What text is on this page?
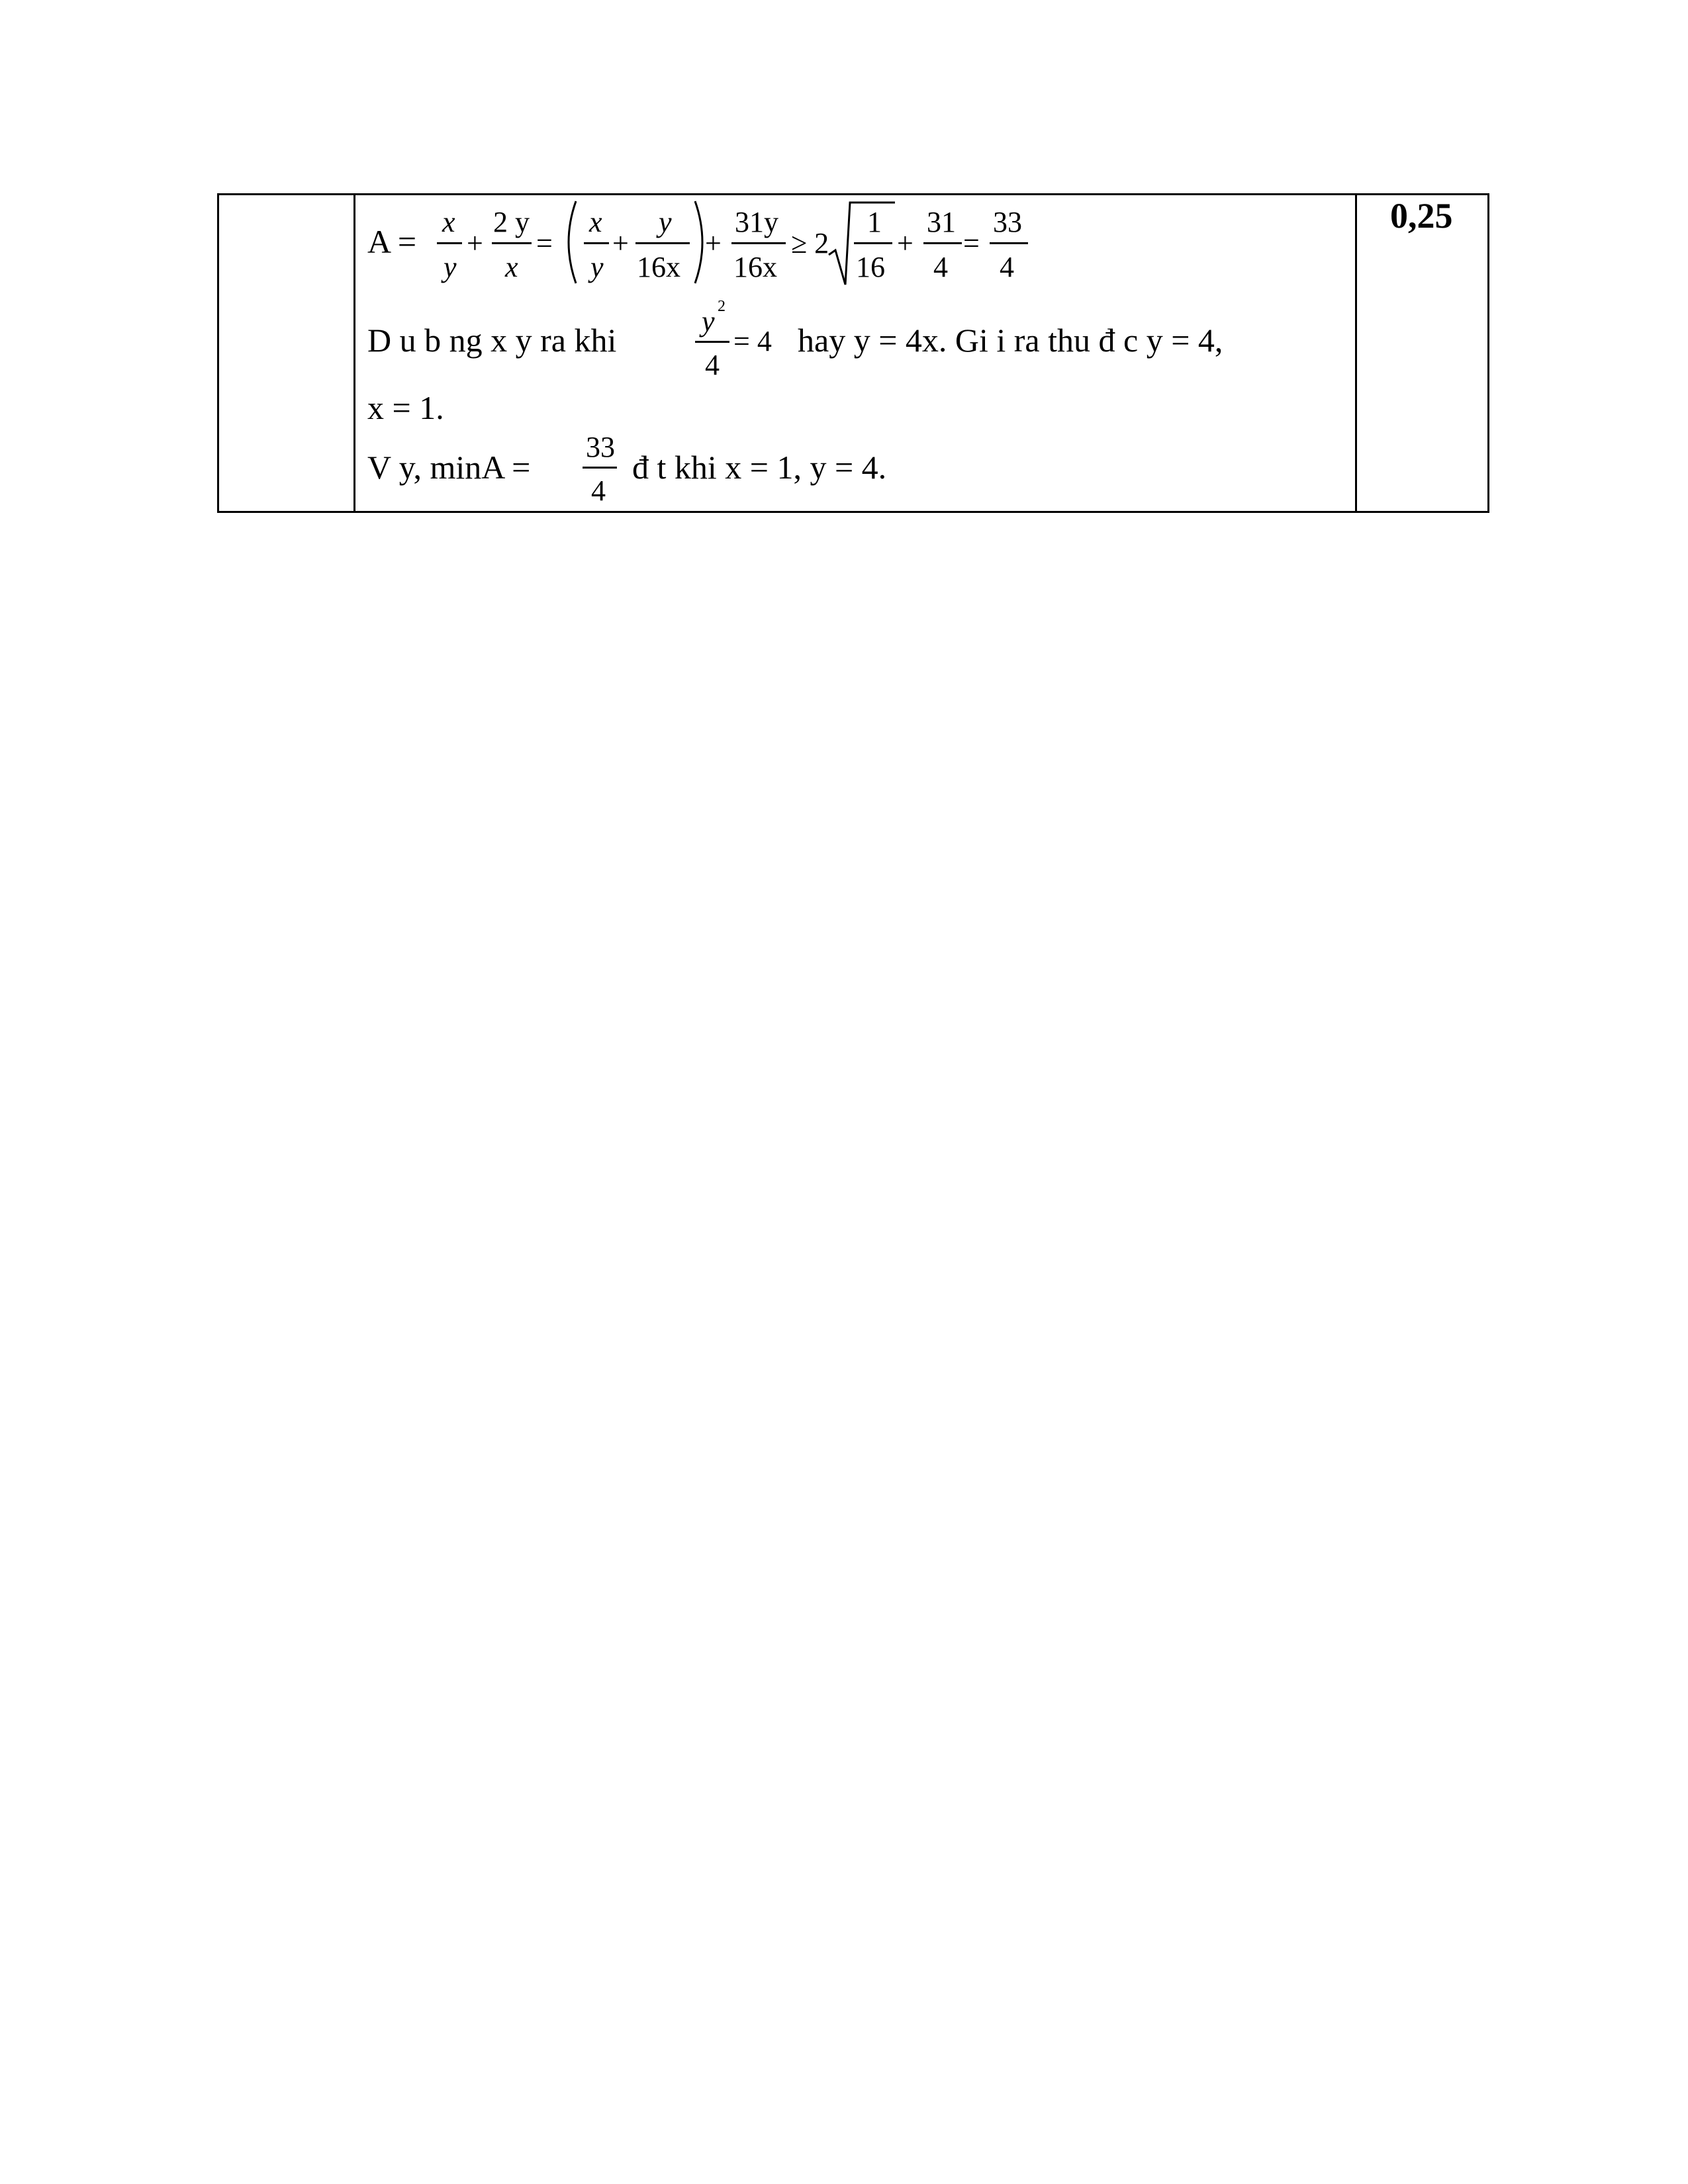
0,25
A =
x
y
+
2 y
x
=
x
y
+
y
16x
+
31y
16x
≥ 2
1
16
+
31
4
=
33
4
D u b ng x y ra khi
y 2
4
= 4 hay y = 4x. Gi i ra thu đ c y = 4,
x = 1.
V y, minA =
33
4
đ t khi x = 1, y = 4.
